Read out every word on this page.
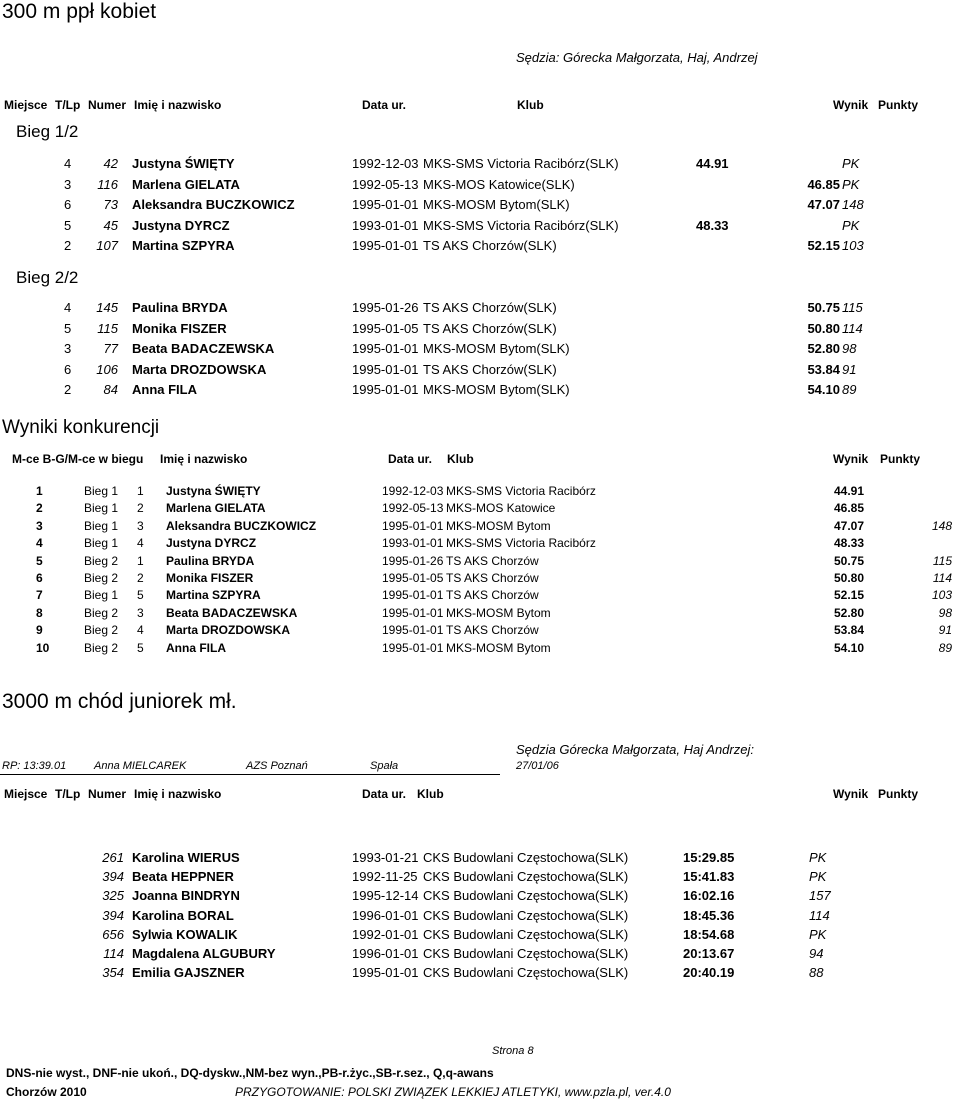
300 m ppł kobiet
Sędzia: Górecka Małgorzata, Haj, Andrzej
Miejsce T/Lp Numer Imię i nazwisko	Data ur.	Klub	Wynik Punkty
Bieg 1/2
4	42 Justyna ŚWIĘTY	1992-12-03 MKS-SMS Victoria Racibórz(SLK)	44.91	PK
3	116 Marlena GIELATA	1992-05-13 MKS-MOS Katowice(SLK)	46.85 PK
6	73 Aleksandra BUCZKOWICZ	1995-01-01 MKS-MOSM Bytom(SLK)	47.07 148
5	45 Justyna DYRCZ	1993-01-01 MKS-SMS Victoria Racibórz(SLK)	48.33	PK
2	107 Martina SZPYRA	1995-01-01 TS AKS Chorzów(SLK)	52.15 103
Bieg 2/2
4	145 Paulina BRYDA	1995-01-26 TS AKS Chorzów(SLK)	50.75 115
5	115 Monika FISZER	1995-01-05 TS AKS Chorzów(SLK)	50.80 114
3	77 Beata BADACZEWSKA	1995-01-01 MKS-MOSM Bytom(SLK)	52.80 98
6	106 Marta DROZDOWSKA	1995-01-01 TS AKS Chorzów(SLK)	53.84 91
2	84 Anna FILA	1995-01-01 MKS-MOSM Bytom(SLK)	54.10 89
Wyniki konkurencji
M-ce B-G/M-ce w biegu Imię i nazwisko	Data ur. Klub	Wynik Punkty
1	Bieg 1 1 Justyna ŚWIĘTY	1992-12-03 MKS-SMS Victoria Racibórz	44.91
2	Bieg 1 2 Marlena GIELATA	1992-05-13 MKS-MOS Katowice	46.85
3	Bieg 1 3 Aleksandra BUCZKOWICZ	1995-01-01 MKS-MOSM Bytom	47.07	148
4	Bieg 1 4 Justyna DYRCZ	1993-01-01 MKS-SMS Victoria Racibórz	48.33
5	Bieg 2 1 Paulina BRYDA	1995-01-26 TS AKS Chorzów	50.75	115
6	Bieg 2 2 Monika FISZER	1995-01-05 TS AKS Chorzów	50.80	114
7	Bieg 1 5 Martina SZPYRA	1995-01-01 TS AKS Chorzów	52.15	103
8	Bieg 2 3 Beata BADACZEWSKA	1995-01-01 MKS-MOSM Bytom	52.80	98
9	Bieg 2 4 Marta DROZDOWSKA	1995-01-01 TS AKS Chorzów	53.84	91
10	Bieg 2 5 Anna FILA	1995-01-01 MKS-MOSM Bytom	54.10	89
3000 m chód juniorek mł.
Sędzia Górecka Małgorzata, Haj Andrzej:
RP: 13:39.01	Anna MIELCAREK	AZS Poznań	Spała	27/01/06
Miejsce T/Lp Numer Imię i nazwisko	Data ur. Klub	Wynik Punkty
261 Karolina WIERUS	1993-01-21 CKS Budowlani Częstochowa(SLK)	15:29.85	PK
394 Beata HEPPNER	1992-11-25 CKS Budowlani Częstochowa(SLK)	15:41.83	PK
325 Joanna BINDRYN	1995-12-14 CKS Budowlani Częstochowa(SLK)	16:02.16	157
394 Karolina BORAL	1996-01-01 CKS Budowlani Częstochowa(SLK)	18:45.36	114
656 Sylwia KOWALIK	1992-01-01 CKS Budowlani Częstochowa(SLK)	18:54.68	PK
114 Magdalena ALGUBURY	1996-01-01 CKS Budowlani Częstochowa(SLK)	20:13.67	94
354 Emilia GAJSZNER	1995-01-01 CKS Budowlani Częstochowa(SLK)	20:40.19	88
Strona 8
DNS-nie wyst., DNF-nie ukoń., DQ-dyskw.,NM-bez wyn.,PB-r.życ.,SB-r.sez., Q,q-awans
Chorzów 2010	PRZYGOTOWANIE: POLSKI ZWIĄZEK LEKKIEJ ATLETYKI, www.pzla.pl, ver.4.0
